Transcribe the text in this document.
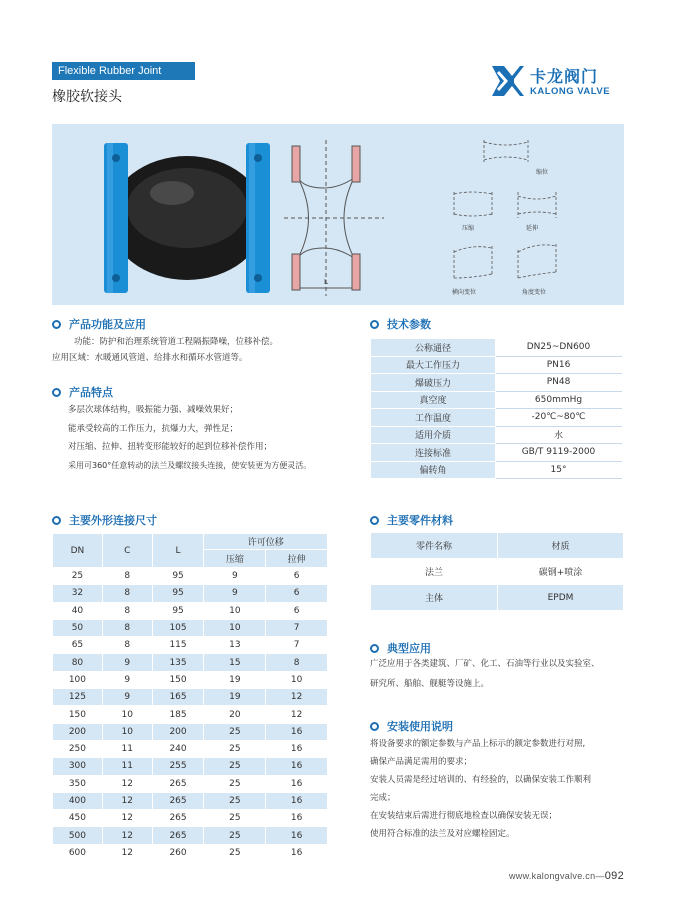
Flexible Rubber Joint
橡胶软接头
卡龙阀门
KALONG VALVE
L
缩位
压缩	延伸
横向变位	角度变位
产品功能及应用
功能：防护和治理系统管道工程隔振降噪，位移补偿。
应用区域：水暖通风管道、给排水和循环水管道等。
产品特点
多层次球体结构，吸振能力强、减噪效果好；
能承受较高的工作压力，抗爆力大，弹性足；
对压缩、拉伸、扭转变形能较好的起到位移补偿作用；
采用可360°任意转动的法兰及螺纹接头连接，使安装更为方便灵活。
技术参数
公称通径	DN25~DN600
最大工作压力	PN16
爆破压力	PN48
真空度	650mmHg
工作温度	-20℃~80℃
适用介质	水
连接标准	GB/T 9119-2000
偏转角	15°
主要外形连接尺寸
DN	C	L	许可位移	
			压缩	拉伸
25	8	95	9	6
32	8	95	9	6
40	8	95	10	6
50	8	105	10	7
65	8	115	13	7
80	9	135	15	8
100	9	150	19	10
125	9	165	19	12
150	10	185	20	12
200	10	200	25	16
250	11	240	25	16
300	11	255	25	16
350	12	265	25	16
400	12	265	25	16
450	12	265	25	16
500	12	265	25	16
600	12	260	25	16
主要零件材料
零件名称	材质
法兰	碳钢+喷涂
主体	EPDM
典型应用
广泛应用于各类建筑、厂矿、化工、石油等行业以及实验室、
研究所、船舶、舰艇等设施上。
安装使用说明
将设备要求的额定参数与产品上标示的额定参数进行对照,
确保产品满足需用的要求；
安装人员需是经过培训的、有经验的，以确保安装工作顺利
完成；
在安装结束后需进行彻底地检查以确保安装无误；
使用符合标准的法兰及对应螺栓固定。
www.kalongvalve.cn—092
